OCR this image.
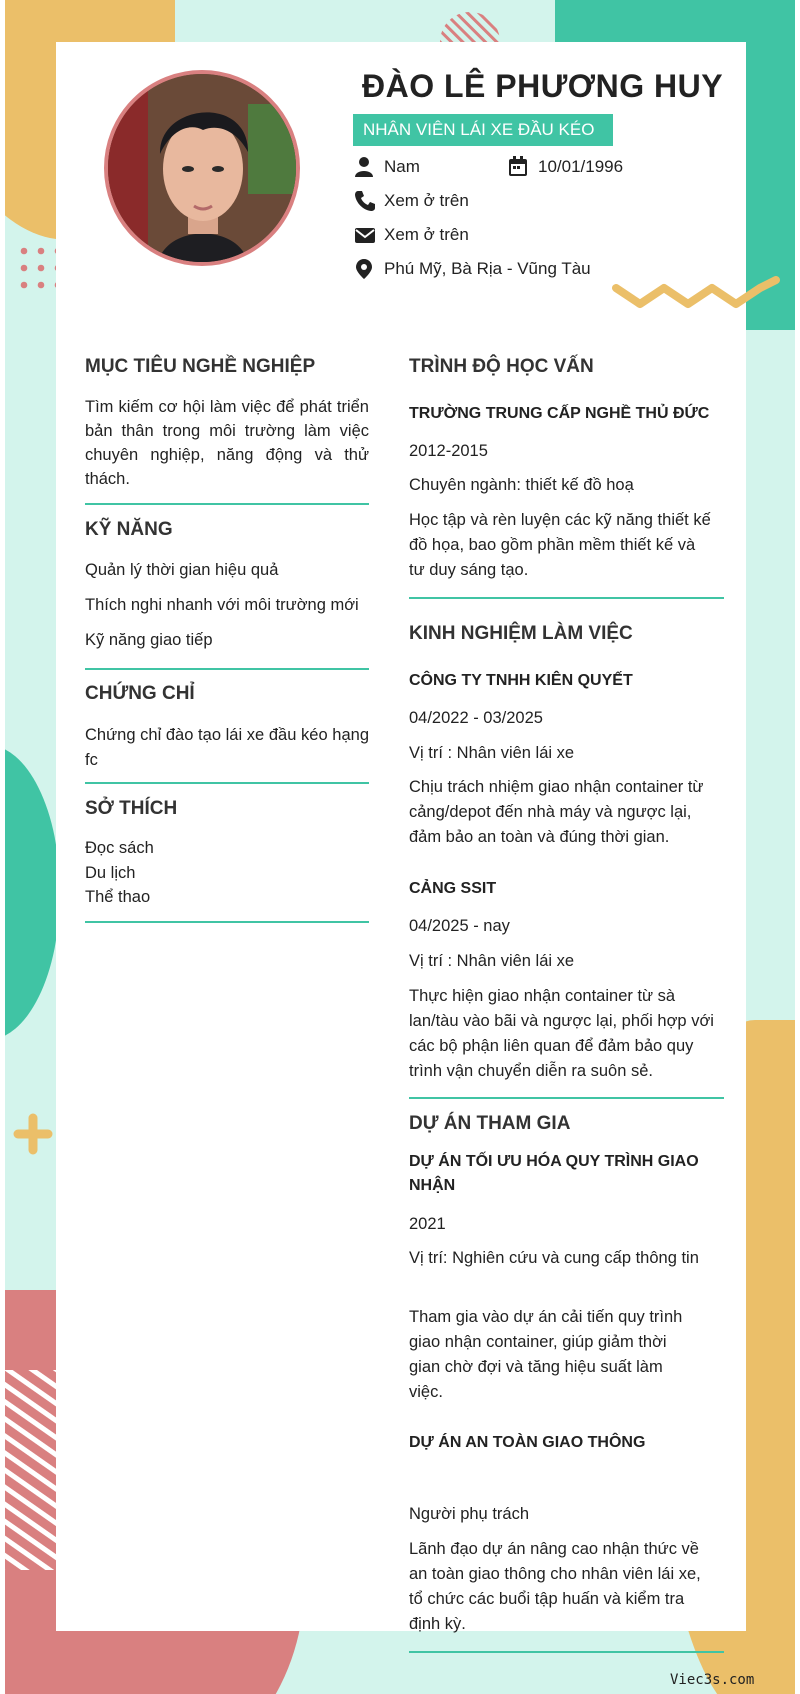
ĐÀO LÊ PHƯƠNG HUY
NHÂN VIÊN LÁI XE ĐẦU KÉO
Nam	10/01/1996
Xem ở trên
Xem ở trên
Phú Mỹ, Bà Rịa - Vũng Tàu
MỤC TIÊU NGHỀ NGHIỆP
Tìm kiếm cơ hội làm việc để phát triển bản thân trong môi trường làm việc chuyên nghiệp, năng động và thử thách.
KỸ NĂNG
Quản lý thời gian hiệu quả
Thích nghi nhanh với môi trường mới
Kỹ năng giao tiếp
CHỨNG CHỈ
Chứng chỉ đào tạo lái xe đầu kéo hạng fc
SỞ THÍCH
Đọc sách
Du lịch
Thể thao
TRÌNH ĐỘ HỌC VẤN
TRƯỜNG TRUNG CẤP NGHỀ THỦ ĐỨC
2012-2015
Chuyên ngành: thiết kế đồ hoạ
Học tập và rèn luyện các kỹ năng thiết kế đồ họa, bao gồm phần mềm thiết kế và tư duy sáng tạo.
KINH NGHIỆM LÀM VIỆC
CÔNG TY TNHH KIÊN QUYẾT
04/2022 - 03/2025
Vị trí : Nhân viên lái xe
Chịu trách nhiệm giao nhận container từ cảng/depot đến nhà máy và ngược lại, đảm bảo an toàn và đúng thời gian.
CẢNG SSIT
04/2025 - nay
Vị trí : Nhân viên lái xe
Thực hiện giao nhận container từ sà lan/tàu vào bãi và ngược lại, phối hợp với các bộ phận liên quan để đảm bảo quy trình vận chuyển diễn ra suôn sẻ.
DỰ ÁN THAM GIA
DỰ ÁN TỐI ƯU HÓA QUY TRÌNH GIAO NHẬN
2021
Vị trí: Nghiên cứu và cung cấp thông tin
Tham gia vào dự án cải tiến quy trình giao nhận container, giúp giảm thời gian chờ đợi và tăng hiệu suất làm việc.
DỰ ÁN AN TOÀN GIAO THÔNG
Người phụ trách
Lãnh đạo dự án nâng cao nhận thức về an toàn giao thông cho nhân viên lái xe, tổ chức các buổi tập huấn và kiểm tra định kỳ.
Viec3s.com
